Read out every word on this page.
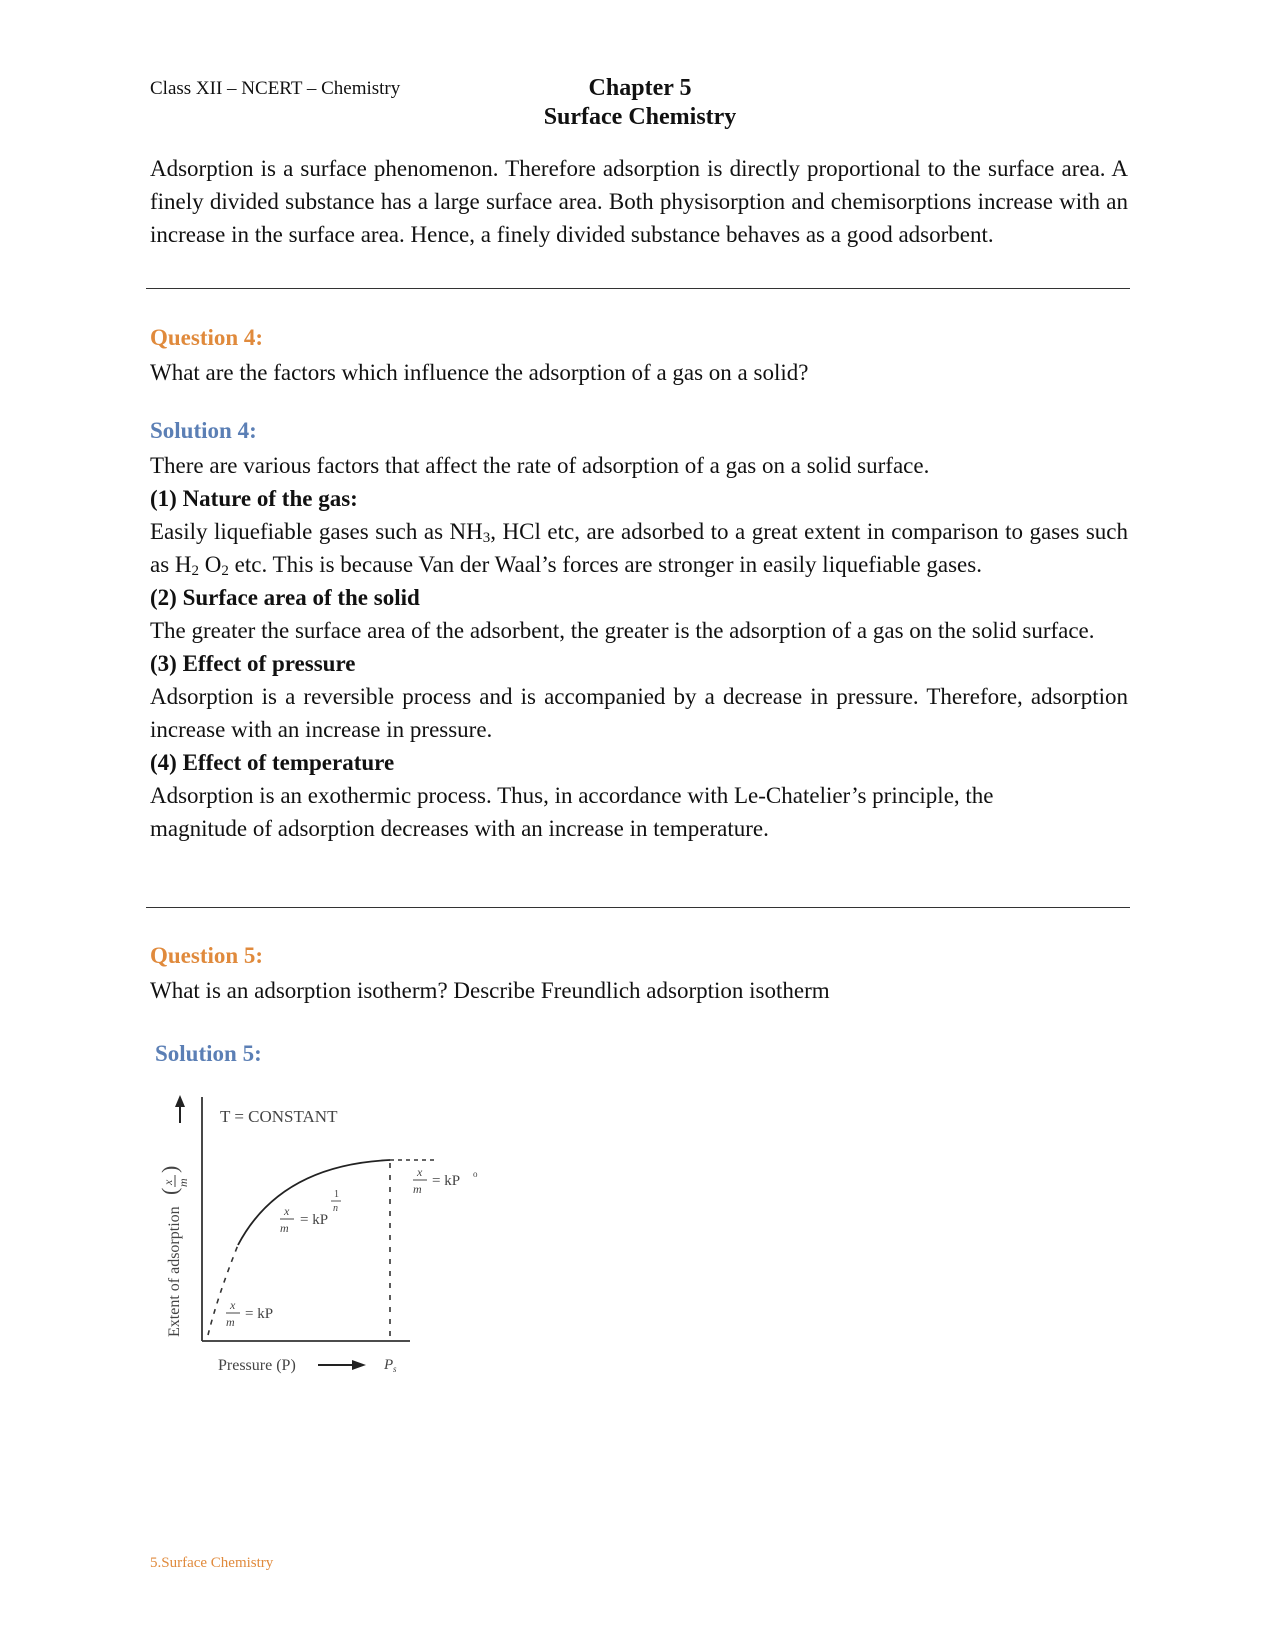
Class XII – NCERT – Chemistry	Chapter 5
Surface Chemistry
Adsorption is a surface phenomenon. Therefore adsorption is directly proportional to the surface area. A finely divided substance has a large surface area. Both physisorption and chemisorptions increase with an increase in the surface area. Hence, a finely divided substance behaves as a good adsorbent.
Question 4:
What are the factors which influence the adsorption of a gas on a solid?
Solution 4:
There are various factors that affect the rate of adsorption of a gas on a solid surface.
(1) Nature of the gas:
Easily liquefiable gases such as $NH_3$, HCl etc, are adsorbed to a great extent in comparison to gases such as $H_2$ $O_2$ etc. This is because Van der Waal’s forces are stronger in easily liquefiable gases.
(2) Surface area of the solid
The greater the surface area of the adsorbent, the greater is the adsorption of a gas on the solid surface.
(3) Effect of pressure
Adsorption is a reversible process and is accompanied by a decrease in pressure. Therefore, adsorption increase with an increase in pressure.
(4) Effect of temperature
Adsorption is an exothermic process. Thus, in accordance with Le-Chatelier’s principle, the
magnitude of adsorption decreases with an increase in temperature.
Question 5:
What is an adsorption isotherm? Describe Freundlich adsorption isotherm
Solution 5:
T = CONSTANT
Extent of adsorption
(
x m
)
x
m = kP
x
m = kP
1
n
x
m = kP o
Pressure (P)	P s
5.Surface Chemistry
